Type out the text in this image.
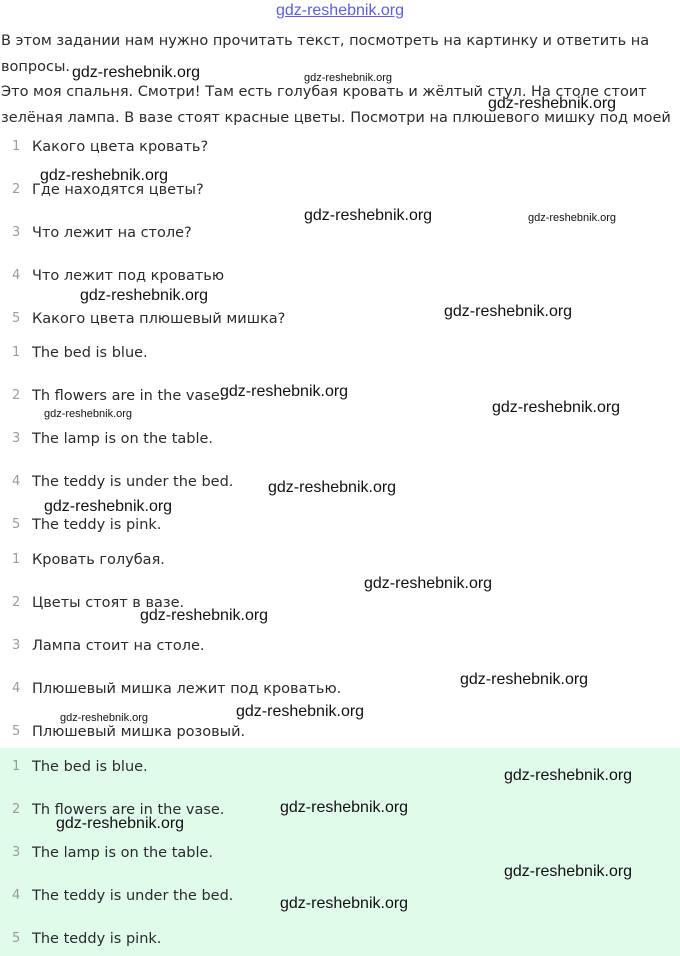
gdz-reshebnik.org

В этом задании нам нужно прочитать текст, посмотреть на картинку и ответить на

вопросы.

Это моя спальня. Смотри! Там есть голубая кровать и жёлтый стул. На столе стоит

зелёная лампа. В вазе стоят красные цветы. Посмотри на плюшевого мишку под моей

1 Какого цвета кровать?
2 Где находятся цветы?
3 Что лежит на столе?
4 Что лежит под кроватью
5 Какого цвета плюшевый мишка?
1 The bed is blue.
2 Th flowers are in the vase.
3 The lamp is on the table.
4 The teddy is under the bed.
5 The teddy is pink.
1 Кровать голубая.
2 Цветы стоят в вазе.
3 Лампа стоит на столе.
4 Плюшевый мишка лежит под кроватью.
5 Плюшевый мишка розовый.
1 The bed is blue.
2 Th flowers are in the vase.
3 The lamp is on the table.
4 The teddy is under the bed.
5 The teddy is pink.
gdz-reshebnik.org	gdz-reshebnik.org
gdz-reshebnik.org
gdz-reshebnik.org
gdz-reshebnik.org	gdz-reshebnik.org
gdz-reshebnik.org
gdz-reshebnik.org
gdz-reshebnik.org
gdz-reshebnik.org	gdz-reshebnik.org
gdz-reshebnik.org
gdz-reshebnik.org
gdz-reshebnik.org
gdz-reshebnik.org
gdz-reshebnik.org
gdz-reshebnik.org
gdz-reshebnik.org
gdz-reshebnik.org
gdz-reshebnik.org
gdz-reshebnik.org
gdz-reshebnik.org
gdz-reshebnik.org
